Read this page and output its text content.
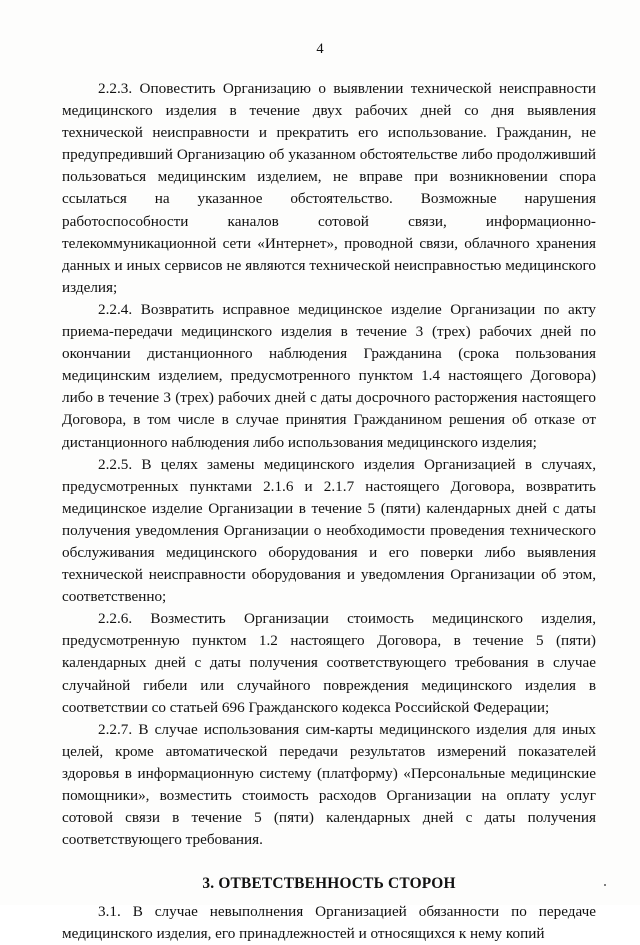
4

2.2.3. Оповестить Организацию о выявлении технической неисправности медицинского изделия в течение двух рабочих дней со дня выявления технической неисправности и прекратить его использование. Гражданин, не предупредивший Организацию об указанном обстоятельстве либо продолживший пользоваться медицинским изделием, не вправе при возникновении спора ссылаться на указанное обстоятельство. Возможные нарушения работоспособности каналов сотовой связи, информационно-телекоммуникационной сети «Интернет», проводной связи, облачного хранения данных и иных сервисов не являются технической неисправностью медицинского изделия;

2.2.4. Возвратить исправное медицинское изделие Организации по акту приема-передачи медицинского изделия в течение 3 (трех) рабочих дней по окончании дистанционного наблюдения Гражданина (срока пользования медицинским изделием, предусмотренного пунктом 1.4 настоящего Договора) либо в течение 3 (трех) рабочих дней с даты досрочного расторжения настоящего Договора, в том числе в случае принятия Гражданином решения об отказе от дистанционного наблюдения либо использования медицинского изделия;

2.2.5. В целях замены медицинского изделия Организацией в случаях, предусмотренных пунктами 2.1.6 и 2.1.7 настоящего Договора, возвратить медицинское изделие Организации в течение 5 (пяти) календарных дней с даты получения уведомления Организации о необходимости проведения технического обслуживания медицинского оборудования и его поверки либо выявления технической неисправности оборудования и уведомления Организации об этом, соответственно;

2.2.6. Возместить Организации стоимость медицинского изделия, предусмотренную пунктом 1.2 настоящего Договора, в течение 5 (пяти) календарных дней с даты получения соответствующего требования в случае случайной гибели или случайного повреждения медицинского изделия в соответствии со статьей 696 Гражданского кодекса Российской Федерации;

2.2.7. В случае использования сим-карты медицинского изделия для иных целей, кроме автоматической передачи результатов измерений показателей здоровья в информационную систему (платформу) «Персональные медицинские помощники», возместить стоимость расходов Организации на оплату услуг сотовой связи в течение 5 (пяти) календарных дней с даты получения соответствующего требования.

3. ОТВЕТСТВЕННОСТЬ СТОРОН

3.1. В случае невыполнения Организацией обязанности по передаче медицинского изделия, его принадлежностей и относящихся к нему копий
